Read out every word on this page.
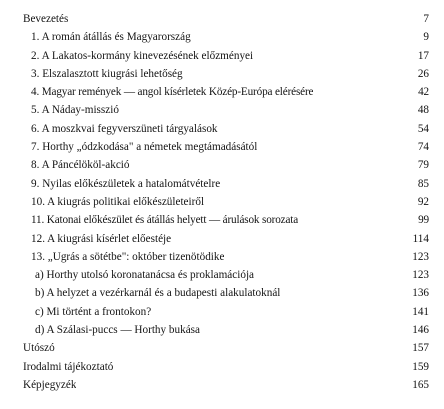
Bevezetés	7
1. A román átállás és Magyarország	9
2. A Lakatos-kormány kinevezésének előzményei	17
3. Elszalasztott kiugrási lehetőség	26
4. Magyar remények — angol kísérletek Közép-Európa elérésére	42
5. A Náday-misszió	48
6. A moszkvai fegyverszüneti tárgyalások	54
7. Horthy „ódzkodása" a németek megtámadásától	74
8. A Páncélököl-akció	79
9. Nyilas előkészületek a hatalomátvételre	85
10. A kiugrás politikai előkészületeiről	92
11. Katonai előkészület és átállás helyett — árulások sorozata	99
12. A kiugrási kísérlet előestéje	114
13. „Ugrás a sötétbe": október tizenötödike	123
a) Horthy utolsó koronatanácsa és proklamációja	123
b) A helyzet a vezérkarnál és a budapesti alakulatoknál	136
c) Mi történt a frontokon?	141
d) A Szálasi-puccs — Horthy bukása	146
Utószó	157
Irodalmi tájékoztató	159
Képjegyzék	165
